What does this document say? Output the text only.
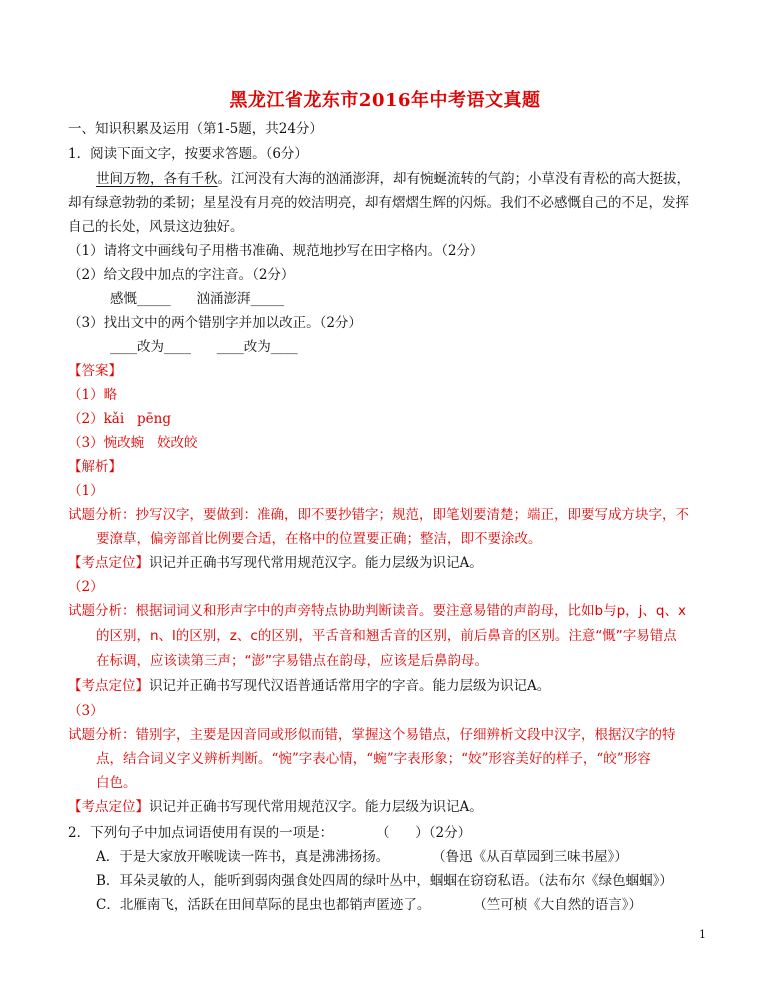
黑龙江省龙东市2016年中考语文真题
一、知识积累及运用（第1-5题，共24分）
1．阅读下面文字，按要求答题。（6分）
世间万物，各有千秋。江河没有大海的汹涌澎湃，却有惋蜒流转的气韵；小草没有青松的高大挺拔，
却有绿意勃勃的柔韧；星星没有月亮的姣洁明亮，却有熠熠生辉的闪烁。我们不必感慨自己的不足，发挥
自己的长处，风景这边独好。
（1）请将文中画线句子用楷书准确、规范地抄写在田字格内。（2分）
（2）给文段中加点的字注音。（2分）
感慨_____      汹涌澎湃_____
（3）找出文中的两个错别字并加以改正。（2分）
____改为____      ____改为____
【答案】
（1）略
（2）kǎi   pēng
（3）惋改蜿   姣改皎
【解析】
（1）
试题分析：抄写汉字，要做到：准确，即不要抄错字；规范，即笔划要清楚；端正，即要写成方块字，不
要潦草，偏旁部首比例要合适，在格中的位置要正确；整洁，即不要涂改。
【考点定位】识记并正确书写现代常用规范汉字。能力层级为识记A。
（2）
试题分析：根据词词义和形声字中的声旁特点协助判断读音。要注意易错的声韵母，比如b与p，j、q、x
的区别，n、l的区别，z、c的区别，平舌音和翘舌音的区别，前后鼻音的区别。注意“慨”字易错点
在标调，应该读第三声；“澎”字易错点在韵母，应该是后鼻韵母。
【考点定位】识记并正确书写现代汉语普通话常用字的字音。能力层级为识记A。
（3）
试题分析：错别字，主要是因音同或形似而错，掌握这个易错点，仔细辨析文段中汉字，根据汉字的特
点，结合词义字义辨析判断。“惋”字表心情，“蜿”字表形象；“姣”形容美好的样子，“皎”形容
白色。
【考点定位】识记并正确书写现代常用规范汉字。能力层级为识记A。
2．下列句子中加点词语使用有误的一项是：          （      ）（2分）
A．于是大家放开喉咙读一阵书，真是沸沸扬扬。          （鲁迅《从百草园到三味书屋》）
B．耳朵灵敏的人，能听到弱肉强食处四周的绿叶丛中，蝈蝈在窃窃私语。（法布尔《绿色蝈蝈》）
C．北雁南飞，活跃在田间草际的昆虫也都销声匿迹了。          （竺可桢《大自然的语言》）
1
